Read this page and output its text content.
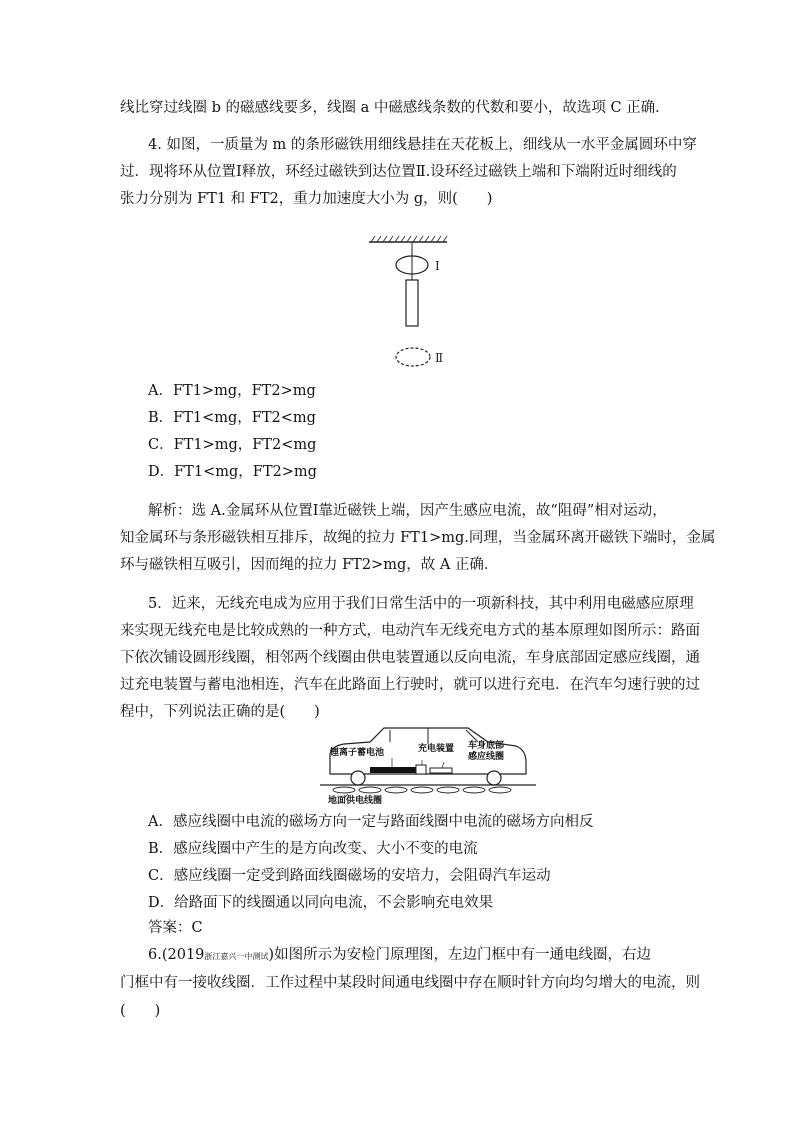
线比穿过线圈 b 的磁感线要多，线圈 a 中磁感线条数的代数和要小，故选项 C 正确．
4. 如图，一质量为 m 的条形磁铁用细线悬挂在天花板上，细线从一水平金属圆环中穿
过．现将环从位置Ⅰ释放，环经过磁铁到达位置Ⅱ.设环经过磁铁上端和下端附近时细线的
张力分别为 FT1 和 FT2，重力加速度大小为 g，则(　　)
Ⅰ
Ⅱ
A．FT1>mg，FT2>mg
B．FT1<mg，FT2<mg
C．FT1>mg，FT2<mg
D．FT1<mg，FT2>mg
解析：选 A.金属环从位置Ⅰ靠近磁铁上端，因产生感应电流，故“阻碍”相对运动，
知金属环与条形磁铁相互排斥，故绳的拉力 FT1>mg.同理，当金属环离开磁铁下端时，金属
环与磁铁相互吸引，因而绳的拉力 FT2>mg，故 A 正确．
5．近来，无线充电成为应用于我们日常生活中的一项新科技，其中利用电磁感应原理
来实现无线充电是比较成熟的一种方式，电动汽车无线充电方式的基本原理如图所示：路面
下依次铺设圆形线圈，相邻两个线圈由供电装置通以反向电流，车身底部固定感应线圈，通
过充电装置与蓄电池相连，汽车在此路面上行驶时，就可以进行充电．在汽车匀速行驶的过
程中，下列说法正确的是(　　)
锂离子蓄电池	充电装置 车身底部
感应线圈
地面供电线圈
A．感应线圈中电流的磁场方向一定与路面线圈中电流的磁场方向相反
B．感应线圈中产生的是方向改变、大小不变的电流
C．感应线圈一定受到路面线圈磁场的安培力，会阻碍汽车运动
D．给路面下的线圈通以同向电流，不会影响充电效果
答案：C
6.(2019浙江嘉兴一中测试)如图所示为安检门原理图，左边门框中有一通电线圈，右边
门框中有一接收线圈．工作过程中某段时间通电线圈中存在顺时针方向均匀增大的电流，则
(　　)
